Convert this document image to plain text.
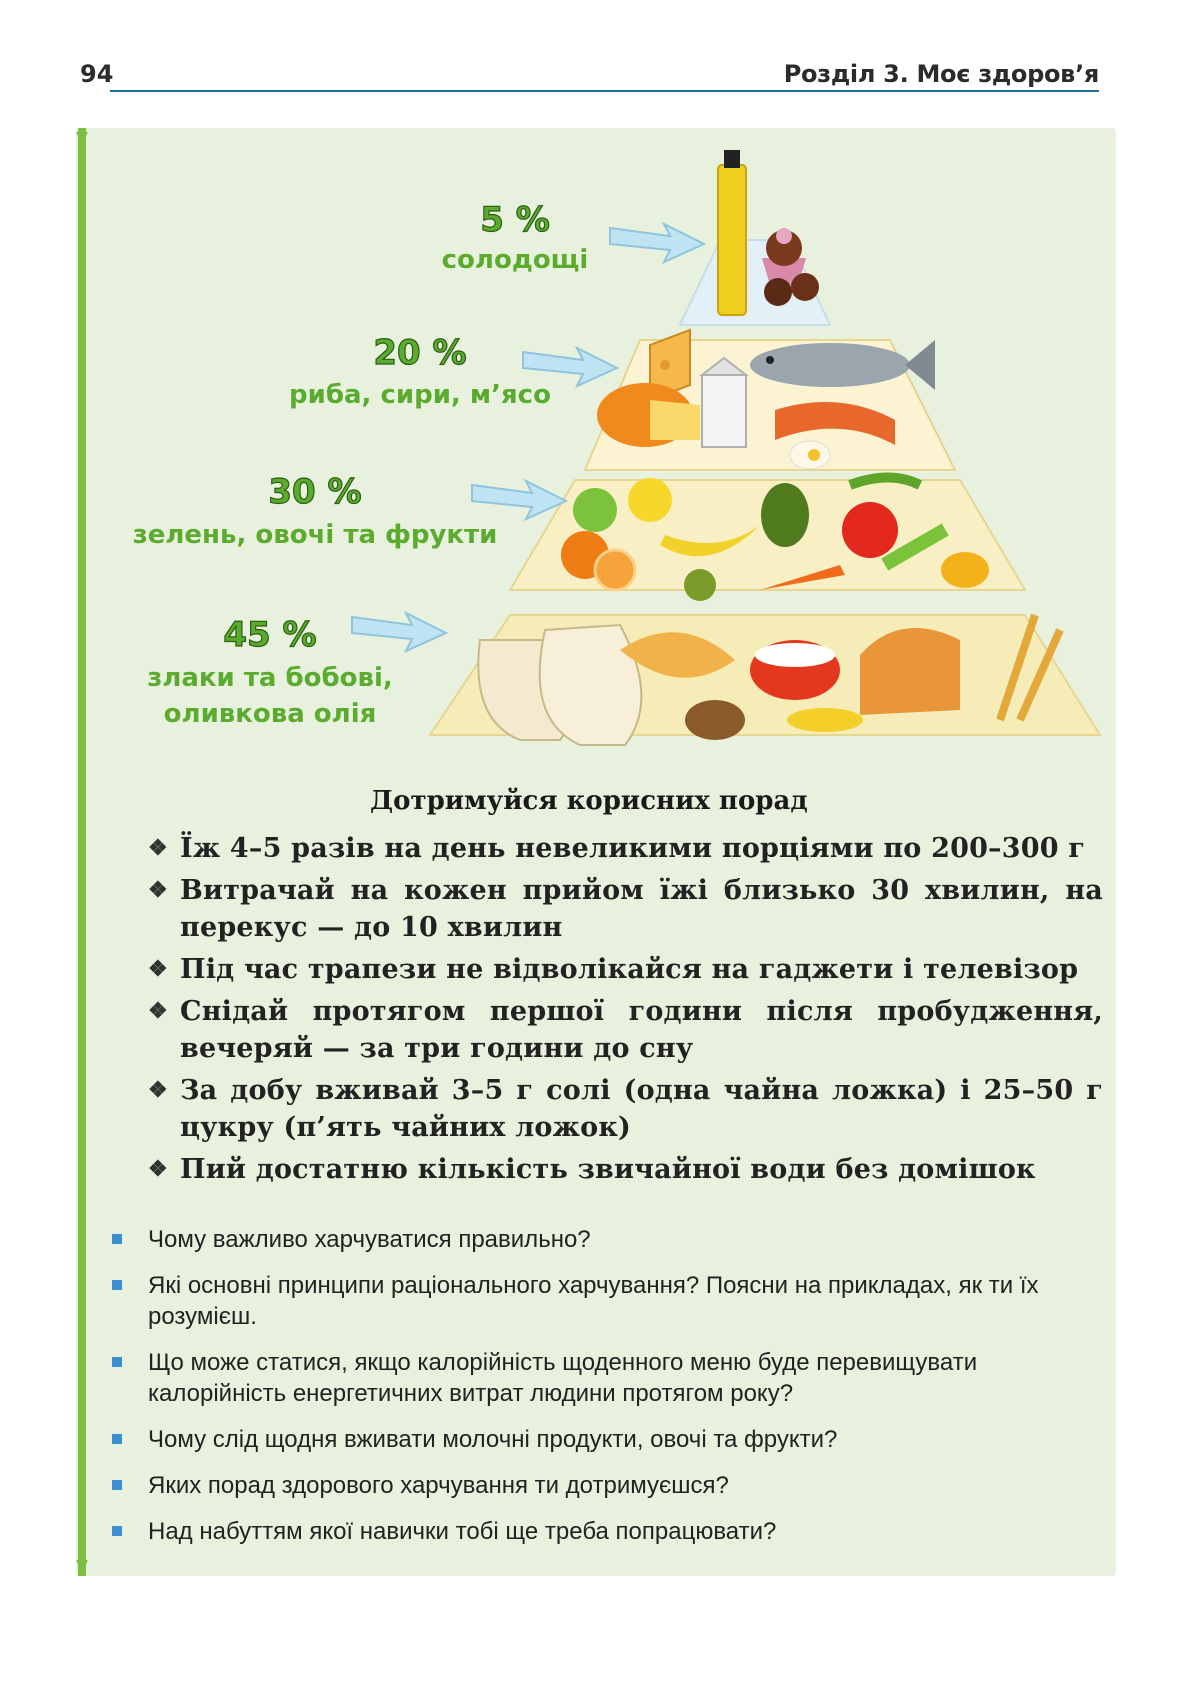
94	Розділ 3. Моє здоров’я
5 %
солодощі
20 %
риба, сири, м’ясо
30 %
зелень, овочі та фрукти
45 %
злаки та бобові,
оливкова олія
Дотримуйся корисних порад
❖ Їж 4–5 разів на день невеликими порціями по 200–300 г
❖ Витрачай на кожен прийом їжі близько 30 хвилин, на перекус — до 10 хвилин
❖ Під час трапези не відволікайся на гаджети і телевізор
❖ Снідай протягом першої години після пробудження, вечеряй — за три години до сну
❖ За добу вживай 3–5 г солі (одна чайна ложка) і 25–50 г цукру (п’ять чайних ложок)
❖ Пий достатню кількість звичайної води без домішок
Чому важливо харчуватися правильно?
Які основні принципи раціонального харчування? Поясни на прикладах, як ти їх розумієш.
Що може статися, якщо калорійність щоденного меню буде перевищувати калорійність енергетичних витрат людини протягом року?
Чому слід щодня вживати молочні продукти, овочі та фрукти?
Яких порад здорового харчування ти дотримуєшся?
Над набуттям якої навички тобі ще треба попрацювати?
